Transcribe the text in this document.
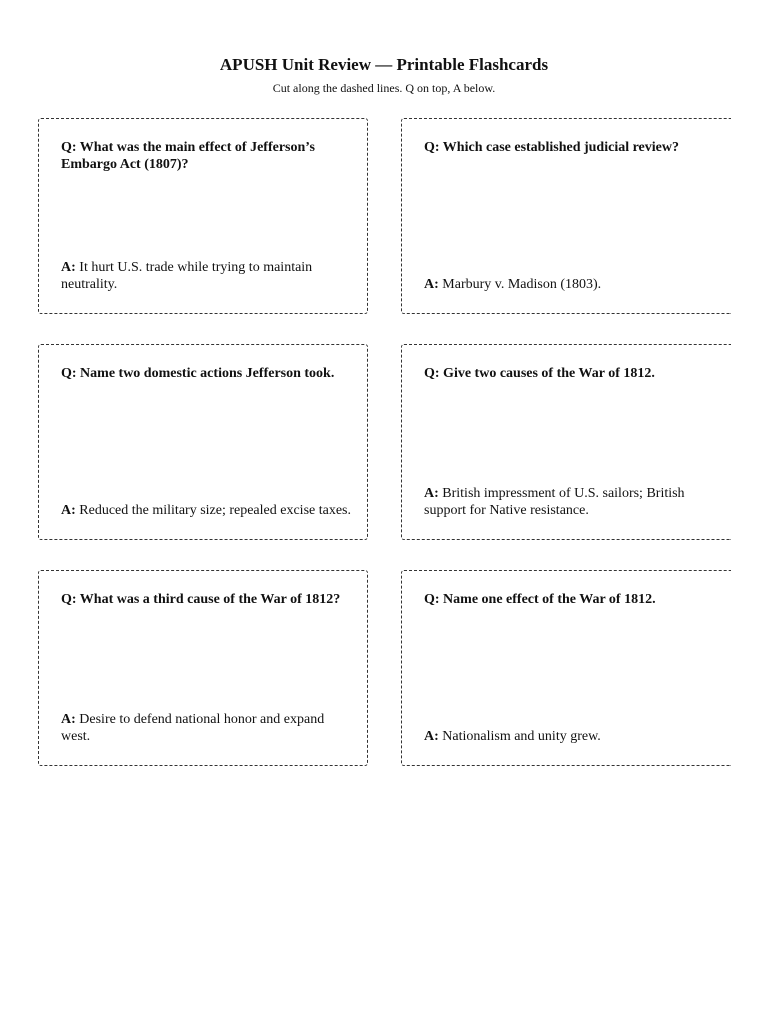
APUSH Unit Review — Printable Flashcards
Cut along the dashed lines. Q on top, A below.
Q: What was the main effect of Jefferson’s Embargo Act (1807)?
A: It hurt U.S. trade while trying to maintain neutrality.
Q: Which case established judicial review?
A: Marbury v. Madison (1803).
Q: Name two domestic actions Jefferson took.
A: Reduced the military size; repealed excise taxes.
Q: Give two causes of the War of 1812.
A: British impressment of U.S. sailors; British support for Native resistance.
Q: What was a third cause of the War of 1812?
A: Desire to defend national honor and expand west.
Q: Name one effect of the War of 1812.
A: Nationalism and unity grew.
